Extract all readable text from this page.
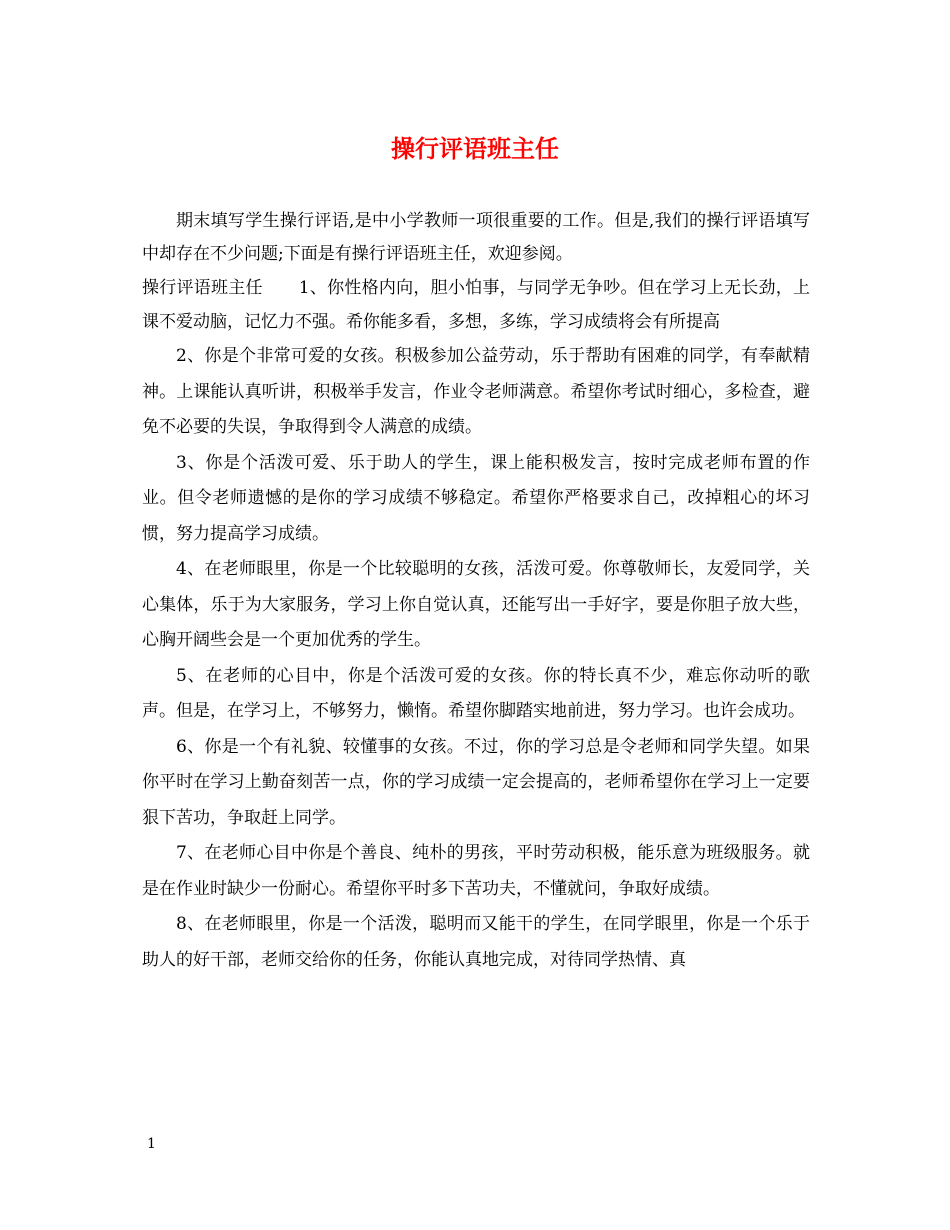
操行评语班主任

期末填写学生操行评语,是中小学教师一项很重要的工作。但是,我们的操行评语填写中却存在不少问题;下面是有操行评语班主任，欢迎参阅。

操行评语班主任 1、你性格内向，胆小怕事，与同学无争吵。但在学习上无长劲，上课不爱动脑，记忆力不强。希你能多看，多想，多练，学习成绩将会有所提高

2、你是个非常可爱的女孩。积极参加公益劳动，乐于帮助有困难的同学，有奉献精神。上课能认真听讲，积极举手发言，作业令老师满意。希望你考试时细心，多检查，避免不必要的失误，争取得到令人满意的成绩。

3、你是个活泼可爱、乐于助人的学生，课上能积极发言，按时完成老师布置的作业。但令老师遗憾的是你的学习成绩不够稳定。希望你严格要求自己，改掉粗心的坏习惯，努力提高学习成绩。

4、在老师眼里，你是一个比较聪明的女孩，活泼可爱。你尊敬师长，友爱同学，关心集体，乐于为大家服务，学习上你自觉认真，还能写出一手好字，要是你胆子放大些，心胸开阔些会是一个更加优秀的学生。

5、在老师的心目中，你是个活泼可爱的女孩。你的特长真不少，难忘你动听的歌声。但是，在学习上，不够努力，懒惰。希望你脚踏实地前进，努力学习。也许会成功。

6、你是一个有礼貌、较懂事的女孩。不过，你的学习总是令老师和同学失望。如果你平时在学习上勤奋刻苦一点，你的学习成绩一定会提高的，老师希望你在学习上一定要狠下苦功，争取赶上同学。

7、在老师心目中你是个善良、纯朴的男孩，平时劳动积极，能乐意为班级服务。就是在作业时缺少一份耐心。希望你平时多下苦功夫，不懂就问，争取好成绩。

8、在老师眼里，你是一个活泼，聪明而又能干的学生，在同学眼里，你是一个乐于助人的好干部，老师交给你的任务，你能认真地完成，对待同学热情、真

1
